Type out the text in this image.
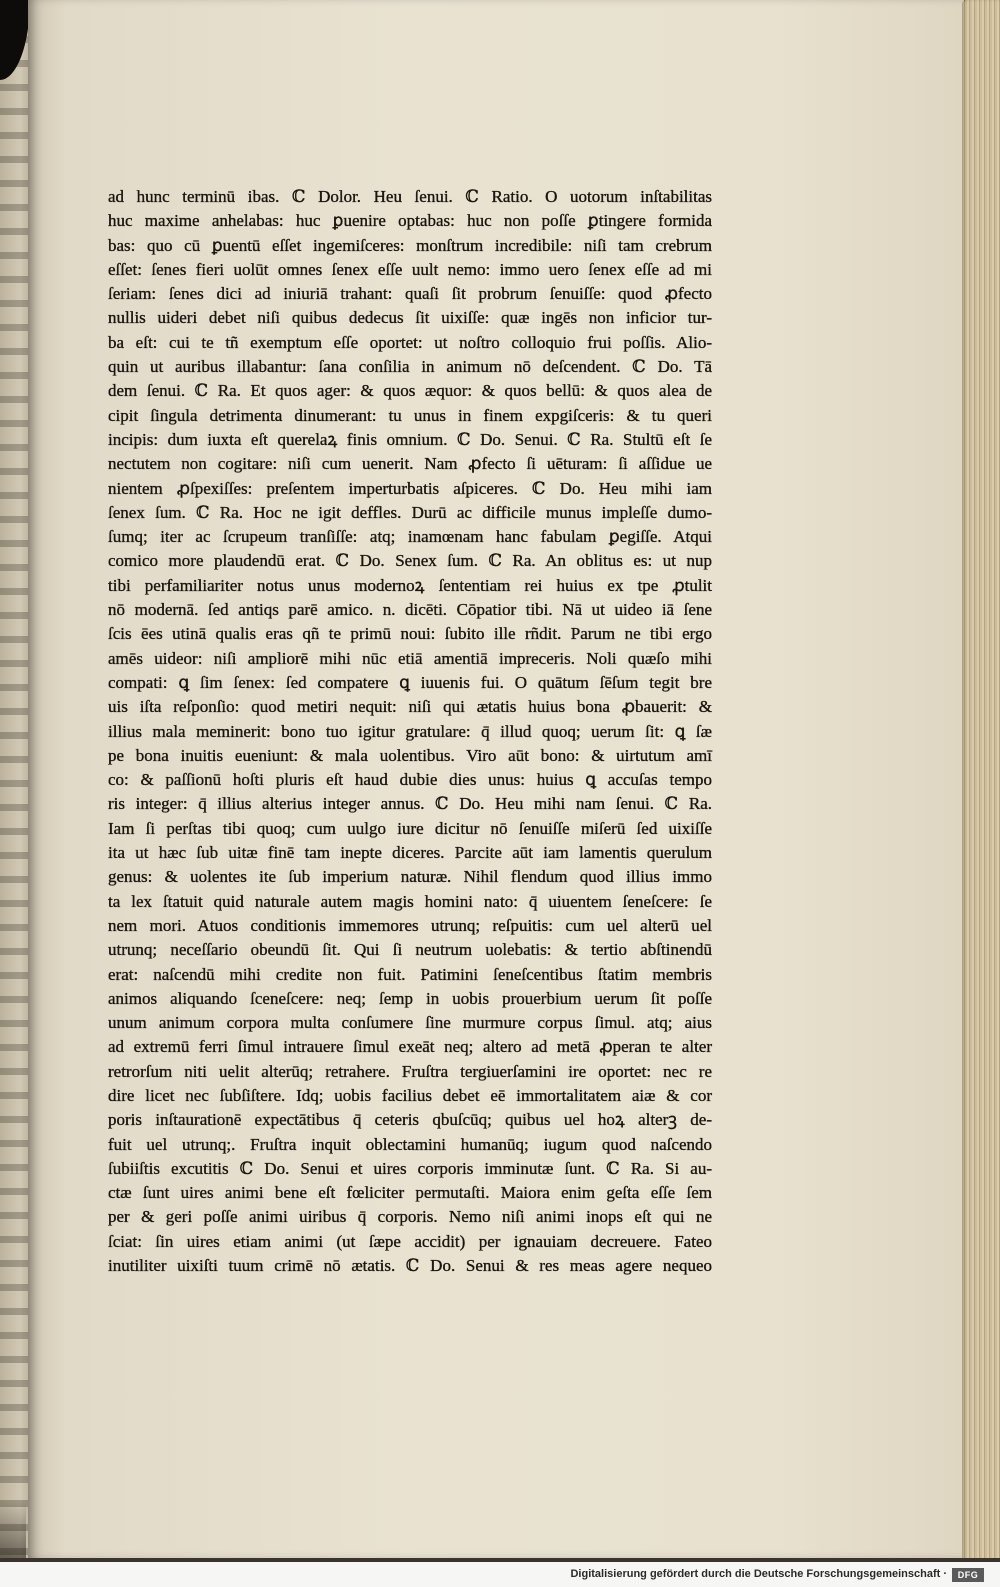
ad hunc terminū ibas. ℂ Dolor. Heu ſenui. ℂ Ratio. O uotorum inſtabilitas
huc maxime anhelabas: huc ꝑuenire optabas: huc non poſſe ꝑtingere formida
bas: quo cū ꝑuentū eſſet ingemiſceres: monſtrum incredibile: niſi tam crebrum
eſſet: ſenes fieri uolūt omnes ſenex eſſe uult nemo: immo uero ſenex eſſe ad mi
ſeriam: ſenes dici ad iniuriā trahant: quaſi ſit probrum ſenuiſſe: quod ꝓfecto
nullis uideri debet niſi quibus dedecus ſit uixiſſe: quæ ingēs non inficior tur-
ba eſt: cui te tñ exemptum eſſe oportet: ut noſtro colloquio frui poſſis. Alio-
quin ut auribus illabantur: ſana conſilia in animum nō deſcendent. ℂ Do. Tā
dem ſenui. ℂ Ra. Et quos ager: & quos æquor: & quos bellū: & quos alea de
cipit ſingula detrimenta dinumerant: tu unus in finem expgiſceris: & tu queri
incipis: dum iuxta eſt querelaꝝ finis omnium. ℂ Do. Senui. ℂ Ra. Stultū eſt ſe
nectutem non cogitare: niſi cum uenerit. Nam ꝓfecto ſi uēturam: ſi aſſidue ue
nientem ꝓſpexiſſes: preſentem imperturbatis aſpiceres. ℂ Do. Heu mihi iam
ſenex ſum. ℂ Ra. Hoc ne igit deffles. Durū ac difficile munus impleſſe dumo-
ſumq; iter ac ſcrupeum tranſiſſe: atq; inamœnam hanc fabulam ꝑegiſſe. Atqui
comico more plaudendū erat. ℂ Do. Senex ſum. ℂ Ra. An oblitus es: ut nup
tibi perfamiliariter notus unus modernoꝝ ſententiam rei huius ex tpe ꝓtulit
nō modernā. ſed antiqs parē amico. n. dicēti. Cōpatior tibi. Nā ut uideo iā ſene
ſcis ēes utinā qualis eras qñ te primū noui: ſubito ille rñdit. Parum ne tibi ergo
amēs uideor: niſi ampliorē mihi nūc etiā amentiā impreceris. Noli quæſo mihi
compati: ꝗ ſim ſenex: ſed compatere ꝗ iuuenis fui. O quātum ſēſum tegit bre
uis iſta reſponſio: quod metiri nequit: niſi qui ætatis huius bona ꝓbauerit: &
illius mala meminerit: bono tuo igitur gratulare: q̄ illud quoq; uerum ſit: ꝗ ſæ
pe bona inuitis eueniunt: & mala uolentibus. Viro aūt bono: & uirtutum amī
co: & paſſionū hoſti pluris eſt haud dubie dies unus: huius ꝗ accuſas tempo
ris integer: q̄ illius alterius integer annus. ℂ Do. Heu mihi nam ſenui. ℂ Ra.
Iam ſi perſtas tibi quoq; cum uulgo iure dicitur nō ſenuiſſe miſerū ſed uixiſſe
ita ut hæc ſub uitæ finē tam inepte diceres. Parcite aūt iam lamentis querulum
genus: & uolentes ite ſub imperium naturæ. Nihil flendum quod illius immo
ta lex ſtatuit quid naturale autem magis homini nato: q̄ uiuentem ſeneſcere: ſe
nem mori. Atuos conditionis immemores utrunq; reſpuitis: cum uel alterū uel
utrunq; neceſſario obeundū ſit. Qui ſi neutrum uolebatis: & tertio abſtinendū
erat: naſcendū mihi credite non fuit. Patimini ſeneſcentibus ſtatim membris
animos aliquando ſceneſcere: neq; ſemp in uobis prouerbium uerum ſit poſſe
unum animum corpora multa conſumere ſine murmure corpus ſimul. atq; aius
ad extremū ferri ſimul intrauere ſimul exeāt neq; altero ad metā ꝓperan te alter
retrorſum niti uelit alterūq; retrahere. Fruſtra tergiuerſamini ire oportet: nec re
dire licet nec ſubſiſtere. Idq; uobis facilius debet eē immortalitatem aiæ & cor
poris inſtaurationē expectātibus q̄ ceteris qbuſcūq; quibus uel hoꝝ alterꝫ de-
fuit uel utrunq;. Fruſtra inquit oblectamini humanūq; iugum quod naſcendo
ſubiiſtis excutitis ℂ Do. Senui et uires corporis imminutæ ſunt. ℂ Ra. Si au-
ctæ ſunt uires animi bene eſt fœliciter permutaſti. Maiora enim geſta eſſe ſem
per & geri poſſe animi uiribus q̄ corporis. Nemo niſi animi inops eſt qui ne
ſciat: ſin uires etiam animi (ut ſæpe accidit) per ignauiam decreuere. Fateo
inutiliter uixiſti tuum crimē nō ætatis. ℂ Do. Senui & res meas agere nequeo
Digitalisierung gefördert durch die Deutsche Forschungsgemeinschaft ·	DFG
